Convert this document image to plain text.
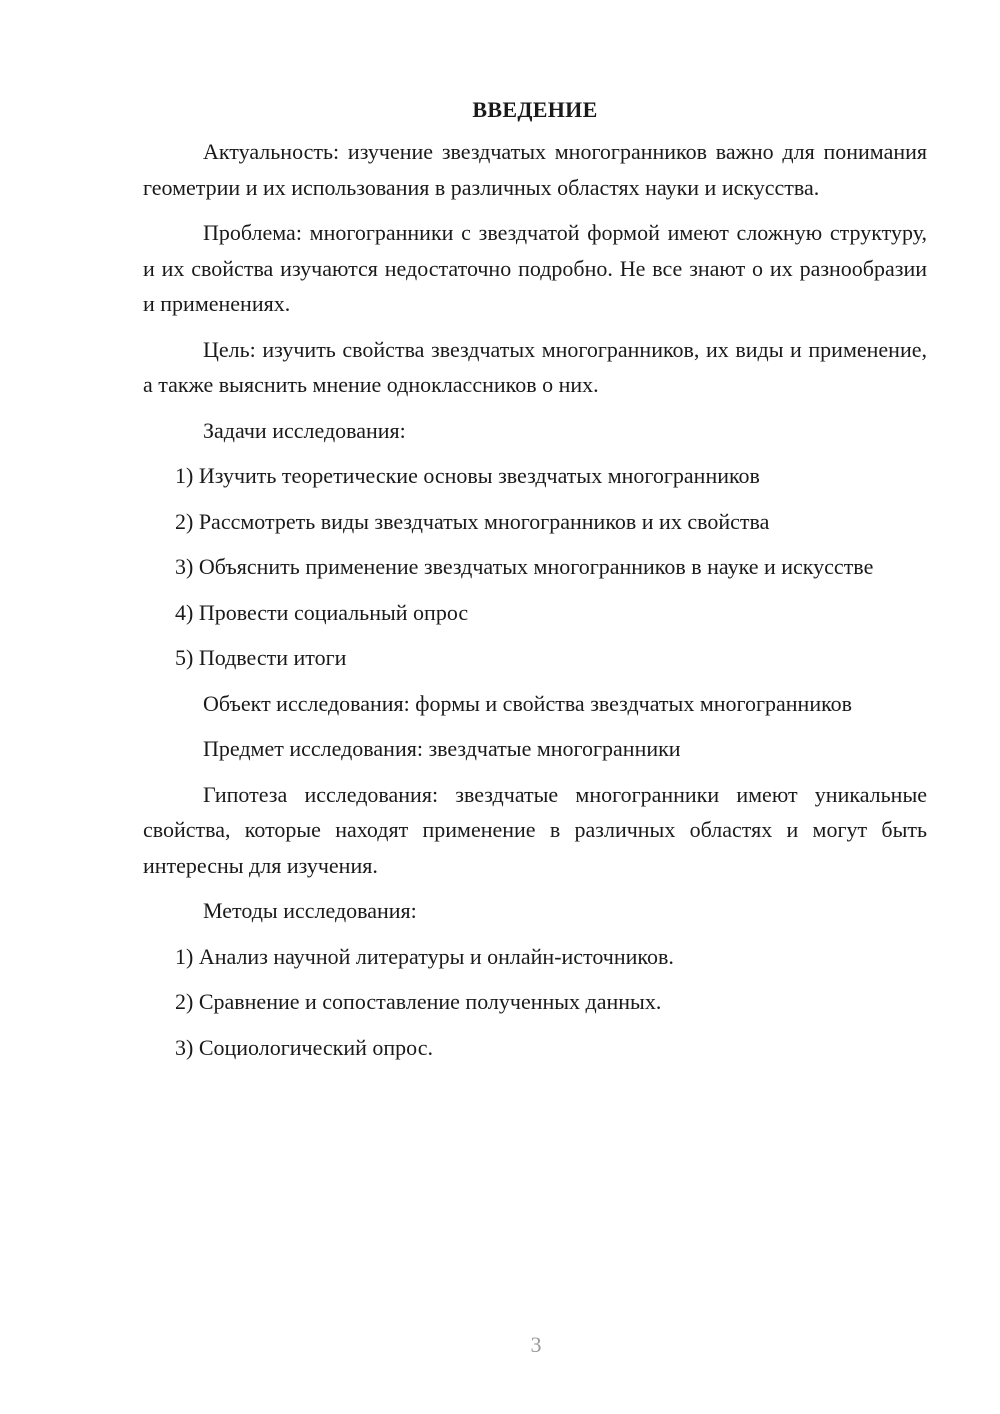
ВВЕДЕНИЕ

Актуальность: изучение звездчатых многогранников важно для понимания геометрии и их использования в различных областях науки и искусства.

Проблема: многогранники с звездчатой формой имеют сложную структуру, и их свойства изучаются недостаточно подробно. Не все знают о их разнообразии и применениях.

Цель: изучить свойства звездчатых многогранников, их виды и применение, а также выяснить мнение одноклассников о них.

Задачи исследования:

1) Изучить теоретические основы звездчатых многогранников

2) Рассмотреть виды звездчатых многогранников и их свойства

3) Объяснить применение звездчатых многогранников в науке и искусстве

4) Провести социальный опрос

5) Подвести итоги

Объект исследования: формы и свойства звездчатых многогранников

Предмет исследования: звездчатые многогранники

Гипотеза исследования: звездчатые многогранники имеют уникальные свойства, которые находят применение в различных областях и могут быть интересны для изучения.

Методы исследования:

1) Анализ научной литературы и онлайн-источников.

2) Сравнение и сопоставление полученных данных.

3) Социологический опрос.

3
